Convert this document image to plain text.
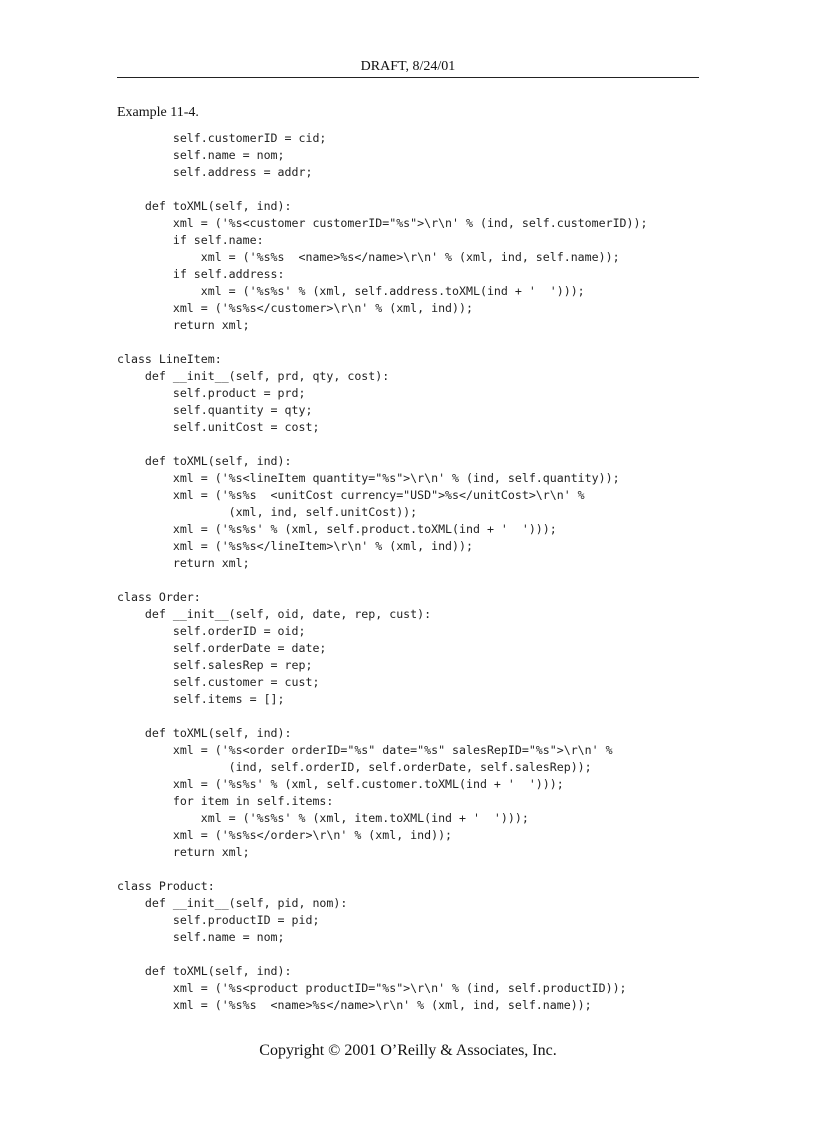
DRAFT, 8/24/01
Example 11-4.
self.customerID = cid;
self.name = nom;
self.address = addr;
def toXML(self, ind):
xml = ('%s<customer customerID="%s">\r\n' % (ind, self.customerID));
if self.name:
xml = ('%s%s  <name>%s</name>\r\n' % (xml, ind, self.name));
if self.address:
xml = ('%s%s' % (xml, self.address.toXML(ind + '  ')));
xml = ('%s%s</customer>\r\n' % (xml, ind));
return xml;
class LineItem:
def __init__(self, prd, qty, cost):
self.product = prd;
self.quantity = qty;
self.unitCost = cost;
def toXML(self, ind):
xml = ('%s<lineItem quantity="%s">\r\n' % (ind, self.quantity));
xml = ('%s%s  <unitCost currency="USD">%s</unitCost>\r\n' %
(xml, ind, self.unitCost));
xml = ('%s%s' % (xml, self.product.toXML(ind + '  ')));
xml = ('%s%s</lineItem>\r\n' % (xml, ind));
return xml;
class Order:
def __init__(self, oid, date, rep, cust):
self.orderID = oid;
self.orderDate = date;
self.salesRep = rep;
self.customer = cust;
self.items = [];
def toXML(self, ind):
xml = ('%s<order orderID="%s" date="%s" salesRepID="%s">\r\n' %
(ind, self.orderID, self.orderDate, self.salesRep));
xml = ('%s%s' % (xml, self.customer.toXML(ind + '  ')));
for item in self.items:
xml = ('%s%s' % (xml, item.toXML(ind + '  ')));
xml = ('%s%s</order>\r\n' % (xml, ind));
return xml;
class Product:
def __init__(self, pid, nom):
self.productID = pid;
self.name = nom;
def toXML(self, ind):
xml = ('%s<product productID="%s">\r\n' % (ind, self.productID));
xml = ('%s%s  <name>%s</name>\r\n' % (xml, ind, self.name));
Copyright © 2001 O’Reilly & Associates, Inc.
